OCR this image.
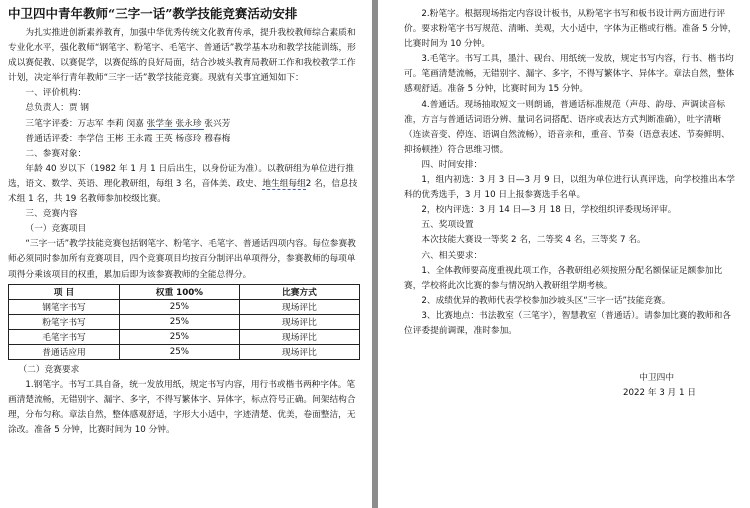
中卫四中青年教师“三字一话”教学技能竞赛活动安排

为扎实推进创新素养教育，加强中华优秀传统文化教育传承，提升我校教师综合素质和专业化水平，强化教师“钢笔字、粉笔字、毛笔字、普通话”教学基本功和教学技能训练，形成以赛促教、以赛促学，以赛促练的良好局面，结合沙坡头教育局教研工作和我校教学工作计划，决定举行青年教师“三字一话”教学技能竞赛。现就有关事宜通知如下：

一、评价机构：

总负责人：贾 钢

三笔字评委：万志军 李莉 闵嘉 张学奎 张永珍 张兴芳

普通话评委：李学信 王彬 王永霞 王英 杨彦玲 穆春梅

二、参赛对象：

年龄 40 岁以下（1982 年 1 月 1 日后出生，以身份证为准）。以教研组为单位进行推选，语文、数学、英语、理化教研组，每组 3 名，音体美、政史、地生组每组2 名，信息技术组 1 名，共 19 名教师参加校级比赛。

三、竞赛内容

（一）竞赛项目

“三字一话”教学技能竞赛包括钢笔字、粉笔字、毛笔字、普通话四项内容。每位参赛教师必须同时参加所有竞赛项目，四个竞赛项目均按百分制评出单项得分，参赛教师的每项单项得分乘该项目的权重，累加后即为该参赛教师的全能总得分。

项 目	权重 100%	比赛方式
钢笔字书写	25%	现场评比
粉笔字书写	25%	现场评比
毛笔字书写	25%	现场评比
普通话应用	25%	现场评比

（二）竞赛要求

1.钢笔字。书写工具自备，统一发放用纸，规定书写内容，用行书或楷书两种字体。笔画清楚流畅，无错别字、漏字、多字，不得写繁体字、异体字，标点符号正确。间架结构合理，分布匀称。章法自然，整体感观舒适，字形大小适中，字迹清楚、优美，卷面整洁，无涂改。准备 5 分钟，比赛时间为 10 分钟。

2.粉笔字。根据现场指定内容设计板书，从粉笔字书写和板书设计两方面进行评价。要求粉笔字书写规范、清晰、美观，大小适中，字体为正楷或行楷。准备 5 分钟，比赛时间为 10 分钟。

3.毛笔字。书写工具，墨汁、砚台、用纸统一发放，规定书写内容，行书、楷书均可。笔画清楚流畅，无错别字、漏字、多字，不得写繁体字、异体字。章法自然，整体感观舒适。准备 5 分钟，比赛时间为 15 分钟。

4.普通话。现场抽取短文一则朗诵，普通话标准规范（声母、韵母、声调读音标准，方言与普通话词语分辨、量词名词搭配、语序或表达方式判断准确），吐字清晰（连读音变、停连、语调自然流畅），语音亲和，重音、节奏（语意表述、节奏鲜明、抑扬顿挫）符合思维习惯。

四、时间安排：

1，组内初选：3 月 3 日—3 月 9 日，以组为单位进行认真评选，向学校推出本学科的优秀选手，3 月 10 日上报参赛选手名单。

2，校内评选：3 月 14 日—3 月 18 日，学校组织评委现场评审。

五、奖项设置

本次技能大赛设一等奖 2 名，二等奖 4 名，三等奖 7 名。

六、相关要求：

1、全体教师要高度重视此项工作，各教研组必须按照分配名额保证足额参加比赛，学校将此次比赛的参与情况纳入教研组学期考核。

2、成绩优异的教师代表学校参加沙坡头区“三字一话”技能竞赛。

3、比赛地点：书法教室（三笔字），智慧教室（普通话）。请参加比赛的教师和各位评委提前调课，准时参加。

中卫四中

2022 年 3 月 1 日
